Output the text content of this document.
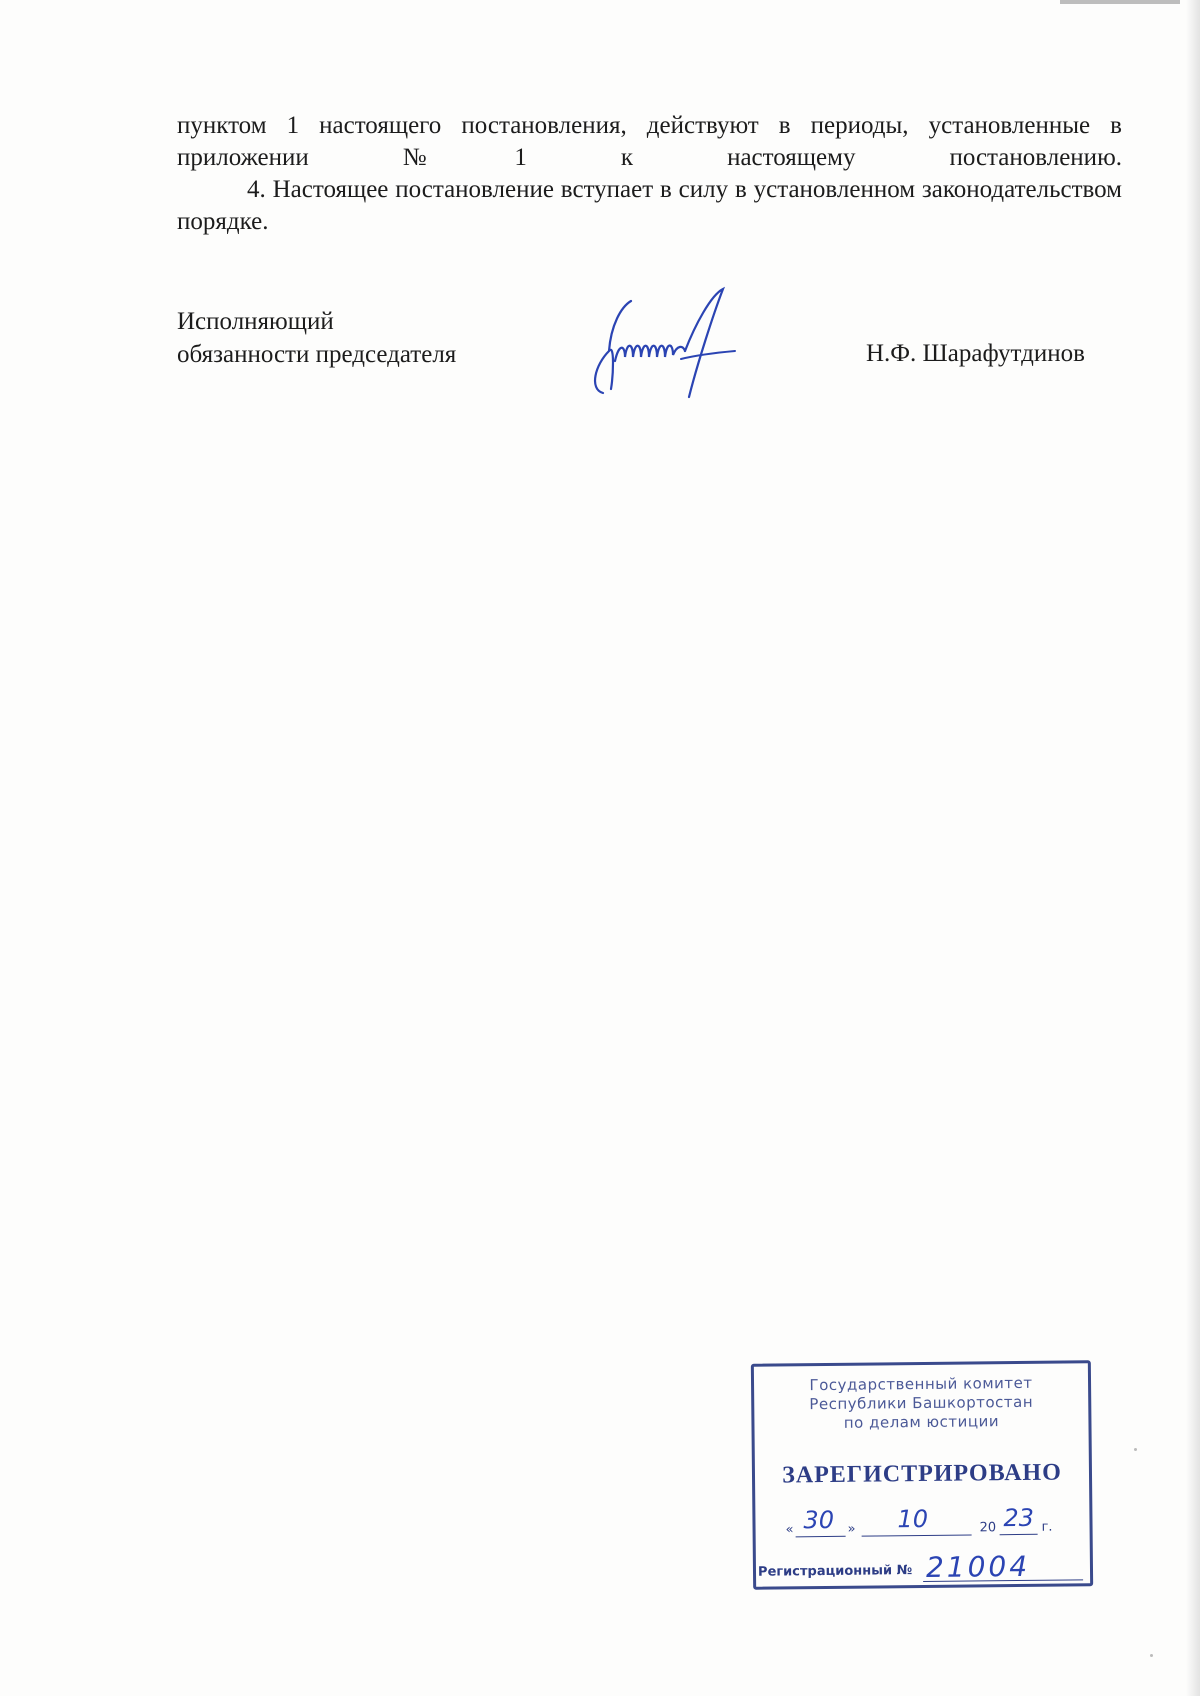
пунктом 1 настоящего постановления, действуют в периоды, установленные в приложении №1 к настоящему постановлению.

4. Настоящее постановление вступает в силу в установленном законодательством порядке.

Исполняющий
обязанности председателя	Н.Ф. Шарафутдинов
Государственный комитет
Республики Башкортостан
по делам юстиции
ЗАРЕГИСТРИРОВАНО
« 30 » 10	20 23 г.
Регистрационный № 21004
